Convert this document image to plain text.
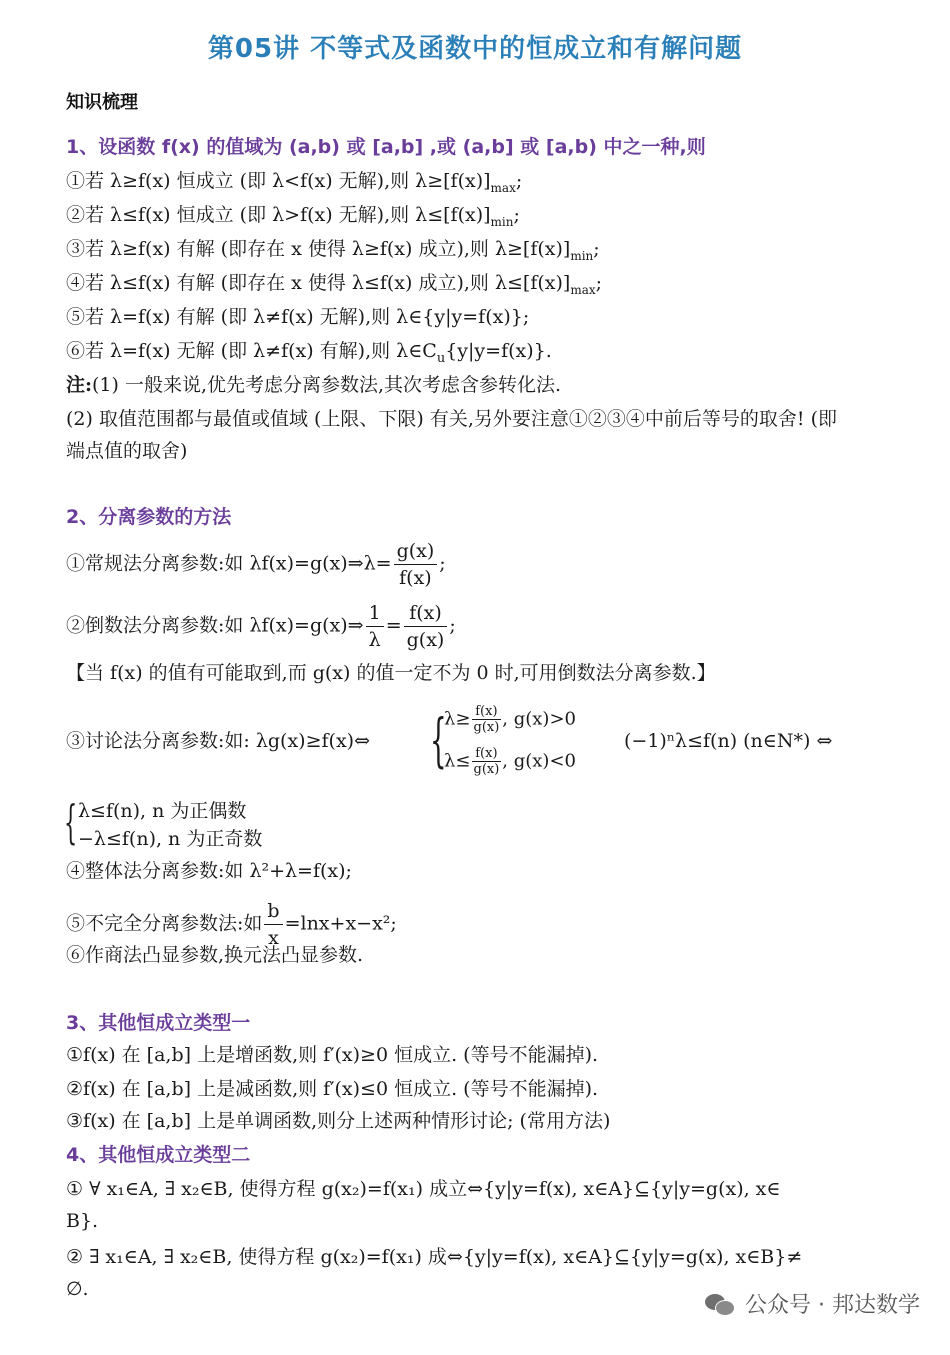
第05讲 不等式及函数中的恒成立和有解问题
知识梳理
1、设函数 f(x) 的值域为 (a,b) 或 [a,b] ,或 (a,b] 或 [a,b) 中之一种,则
①若 λ≥f(x) 恒成立 (即 λ<f(x) 无解),则 $\lambda\ge[f(x)]_{max}$;
②若 λ≤f(x) 恒成立 (即 λ>f(x) 无解),则 $\lambda\le[f(x)]_{min}$;
③若 λ≥f(x) 有解 (即存在 x 使得 λ≥f(x) 成立),则 $\lambda\ge[f(x)]_{min}$;
④若 λ≤f(x) 有解 (即存在 x 使得 λ≤f(x) 成立),则 $\lambda\le[f(x)]_{max}$;
⑤若 λ=f(x) 有解 (即 λ≠f(x) 无解),则 λ∈{y|y=f(x)};
⑥若 λ=f(x) 无解 (即 λ≠f(x) 有解),则 $\lambda\in C_u\{y|y=f(x)\}$.
注:(1) 一般来说,优先考虑分离参数法,其次考虑含参转化法.
(2) 取值范围都与最值或值域 (上限、下限) 有关,另外要注意①②③④中前后等号的取舍! (即
端点值的取舍)
2、分离参数的方法
①常规法分离参数:如 λf(x)=g(x)⇒λ= $\frac{g(x)}{f(x)}$ ;
②倒数法分离参数:如 λf(x)=g(x)⇒ $\frac{1}{\lambda} = \frac{f(x)}{g(x)}$ ;
【当 f(x) 的值有可能取到,而 g(x) 的值一定不为 0 时,可用倒数法分离参数.】
③讨论法分离参数:如: λg(x)≥f(x)⇔	{
$\lambda\ge \frac{f(x)}{g(x)}$ , g(x)>0
$\lambda\le \frac{f(x)}{g(x)}$ , g(x)<0
(−1)ⁿλ≤f(n) (n∈N*) ⇔
{ λ≤f(n), n 为正偶数
−λ≤f(n), n 为正奇数
④整体法分离参数:如 λ²+λ=f(x);
⑤不完全分离参数法:如 $\frac{b}{x} =\ln x+x-x^2$;
⑥作商法凸显参数,换元法凸显参数.
3、其他恒成立类型一
①f(x) 在 [a,b] 上是增函数,则 f′(x)≥0 恒成立. (等号不能漏掉).
②f(x) 在 [a,b] 上是减函数,则 f′(x)≤0 恒成立. (等号不能漏掉).
③f(x) 在 [a,b] 上是单调函数,则分上述两种情形讨论; (常用方法)
4、其他恒成立类型二
① ∀ x₁∈A, ∃ x₂∈B, 使得方程 g(x₂)=f(x₁) 成立⇔{y|y=f(x), x∈A}⊆{y|y=g(x), x∈
B}.
② ∃ x₁∈A, ∃ x₂∈B, 使得方程 g(x₂)=f(x₁) 成⇔{y|y=f(x), x∈A}⊆{y|y=g(x), x∈B}≠
∅.
公众号 · 邦达数学
